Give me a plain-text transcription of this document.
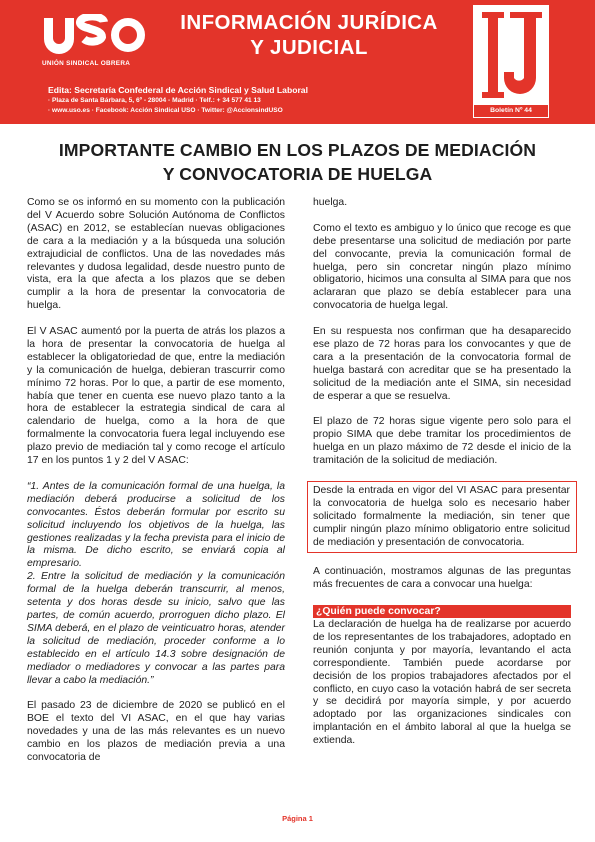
UNIÓN SINDICAL OBRERA
INFORMACIÓN JURÍDICA
Y JUDICIAL
Edita: Secretaría Confederal de Acción Sindical y Salud Laboral
· Plaza de Santa Bárbara, 5, 6º - 28004 - Madrid · Telf.: + 34 577 41 13
· www.uso.es · Facebook: Acción Sindical USO · Twitter: @AccionsindUSO	Boletín Nº 44
IMPORTANTE CAMBIO EN LOS PLAZOS DE MEDIACIÓN
Y CONVOCATORIA DE HUELGA

Como se os informó en su momento con la publicación del V Acuerdo sobre Solución Autónoma de Conflictos (ASAC) en 2012, se establecían nuevas obligaciones de cara a la mediación y a la búsqueda una solución extrajudicial de conflictos. Una de las novedades más relevantes y dudosa legalidad, desde nuestro punto de vista, era la que afecta a los plazos que se deben cumplir a la hora de presentar la convocatoria de huelga.

El V ASAC aumentó por la puerta de atrás los plazos a la hora de presentar la convocatoria de huelga al establecer la obligatoriedad de que, entre la mediación y la comunicación de huelga, debieran trascurrir como mínimo 72 horas. Por lo que, a partir de ese momento, había que tener en cuenta ese nuevo plazo tanto a la hora de establecer la estrategia sindical de cara al calendario de huelga, como a la hora de que formalmente la convocatoria fuera legal incluyendo ese plazo previo de mediación tal y como recoge el artículo 17 en los puntos 1 y 2 del V ASAC:

“1. Antes de la comunicación formal de una huelga, la mediación deberá producirse a solicitud de los convocantes. Éstos deberán formular por escrito su solicitud incluyendo los objetivos de la huelga, las gestiones realizadas y la fecha prevista para el inicio de la misma. De dicho escrito, se enviará copia al empresario.

2. Entre la solicitud de mediación y la comunicación formal de la huelga deberán transcurrir, al menos, setenta y dos horas desde su inicio, salvo que las partes, de común acuerdo, prorroguen dicho plazo. El SIMA deberá, en el plazo de veinticuatro horas, atender la solicitud de mediación, proceder conforme a lo establecido en el artículo 14.3 sobre designación de mediador o mediadores y convocar a las partes para llevar a cabo la mediación.”

El pasado 23 de diciembre de 2020 se publicó en el BOE el texto del VI ASAC, en el que hay varias novedades y una de las más relevantes es un nuevo cambio en los plazos de mediación previa a una convocatoria de

huelga.

Como el texto es ambiguo y lo único que recoge es que debe presentarse una solicitud de mediación por parte del convocante, previa la comunicación formal de huelga, pero sin concretar ningún plazo mínimo obligatorio, hicimos una consulta al SIMA para que nos aclararan que plazo se debía establecer para una convocatoria de huelga legal.

En su respuesta nos confirman que ha desaparecido ese plazo de 72 horas para los convocantes y que de cara a la presentación de la convocatoria formal de huelga bastará con acreditar que se ha presentado la solicitud de la mediación ante el SIMA, sin necesidad de esperar a que se resuelva.

El plazo de 72 horas sigue vigente pero solo para el propio SIMA que debe tramitar los procedimientos de huelga en un plazo máximo de 72 desde el inicio de la tramitación de la solicitud de mediación.

Desde la entrada en vigor del VI ASAC para presentar la convocatoria de huelga solo es necesario haber solicitado formalmente la mediación, sin tener que cumplir ningún plazo mínimo obligatorio entre solicitud de mediación y presentación de convocatoria.

A continuación, mostramos algunas de las preguntas más frecuentes de cara a convocar una huelga:

¿Quién puede convocar?

La declaración de huelga ha de realizarse por acuerdo de los representantes de los trabajadores, adoptado en reunión conjunta y por mayoría, levantando el acta correspondiente. También puede acordarse por decisión de los propios trabajadores afectados por el conflicto, en cuyo caso la votación habrá de ser secreta y se decidirá por mayoría simple, y por acuerdo adoptado por las organizaciones sindicales con implantación en el ámbito laboral al que la huelga se extienda.

Página 1
